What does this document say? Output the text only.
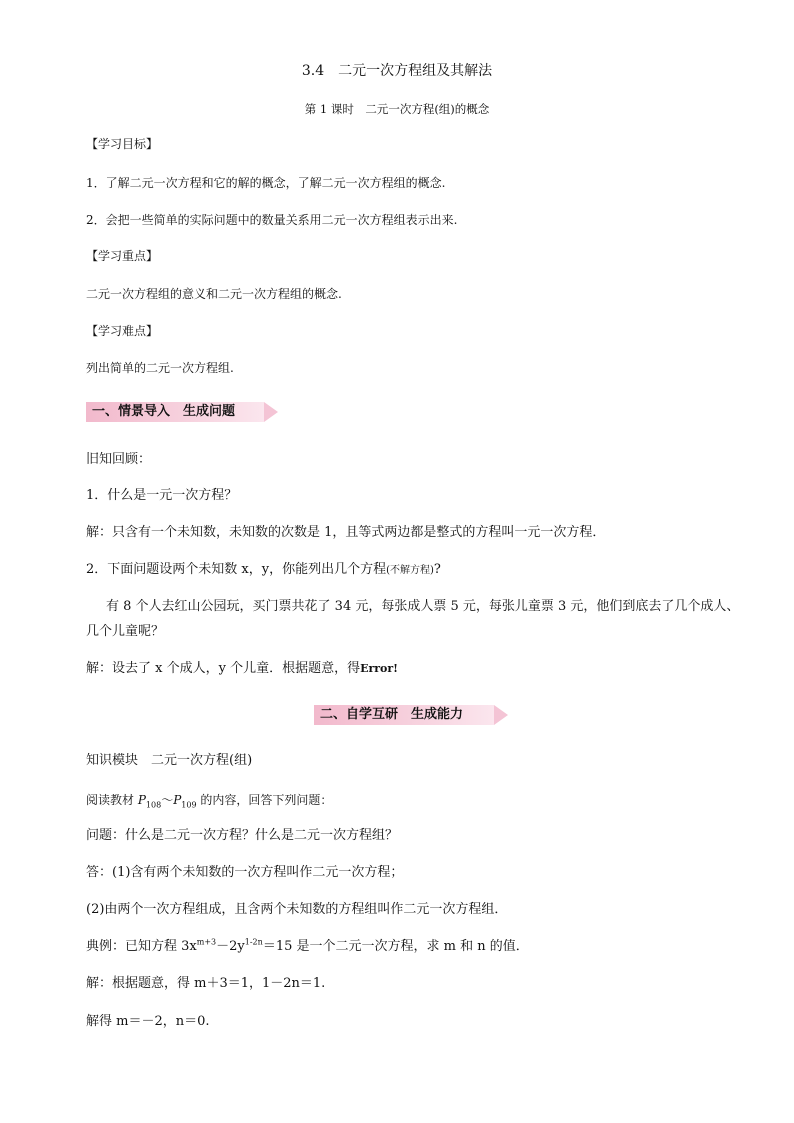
3.4　二元一次方程组及其解法
第 1 课时　二元一次方程(组)的概念
【学习目标】
1．了解二元一次方程和它的解的概念，了解二元一次方程组的概念.
2．会把一些简单的实际问题中的数量关系用二元一次方程组表示出来.
【学习重点】
二元一次方程组的意义和二元一次方程组的概念.
【学习难点】
列出简单的二元一次方程组.
一、情景导入　生成问题
旧知回顾：
1．什么是一元一次方程？
解：只含有一个未知数，未知数的次数是 1，且等式两边都是整式的方程叫一元一次方程．
2．下面问题设两个未知数 x，y，你能列出几个方程(不解方程)?
有 8 个人去红山公园玩，买门票共花了 34 元，每张成人票 5 元，每张儿童票 3 元，他们到底去了几个成人、
几个儿童呢？
解：设去了 x 个成人，y 个儿童．根据题意，得Error!
二、自学互研　生成能力
知识模块　二元一次方程(组)
阅读教材 $P_{108}\sim P_{109}$ 的内容，回答下列问题：
问题：什么是二元一次方程？什么是二元一次方程组？
答：(1)含有两个未知数的一次方程叫作二元一次方程；
(2)由两个一次方程组成，且含两个未知数的方程组叫作二元一次方程组．
典例：已知方程 $3x^{m+3}-2y^{1-2n}=15$ 是一个二元一次方程，求 m 和 n 的值．
解：根据题意，得 m＋3＝1，1－2n＝1.
解得 m＝－2，n＝0.
